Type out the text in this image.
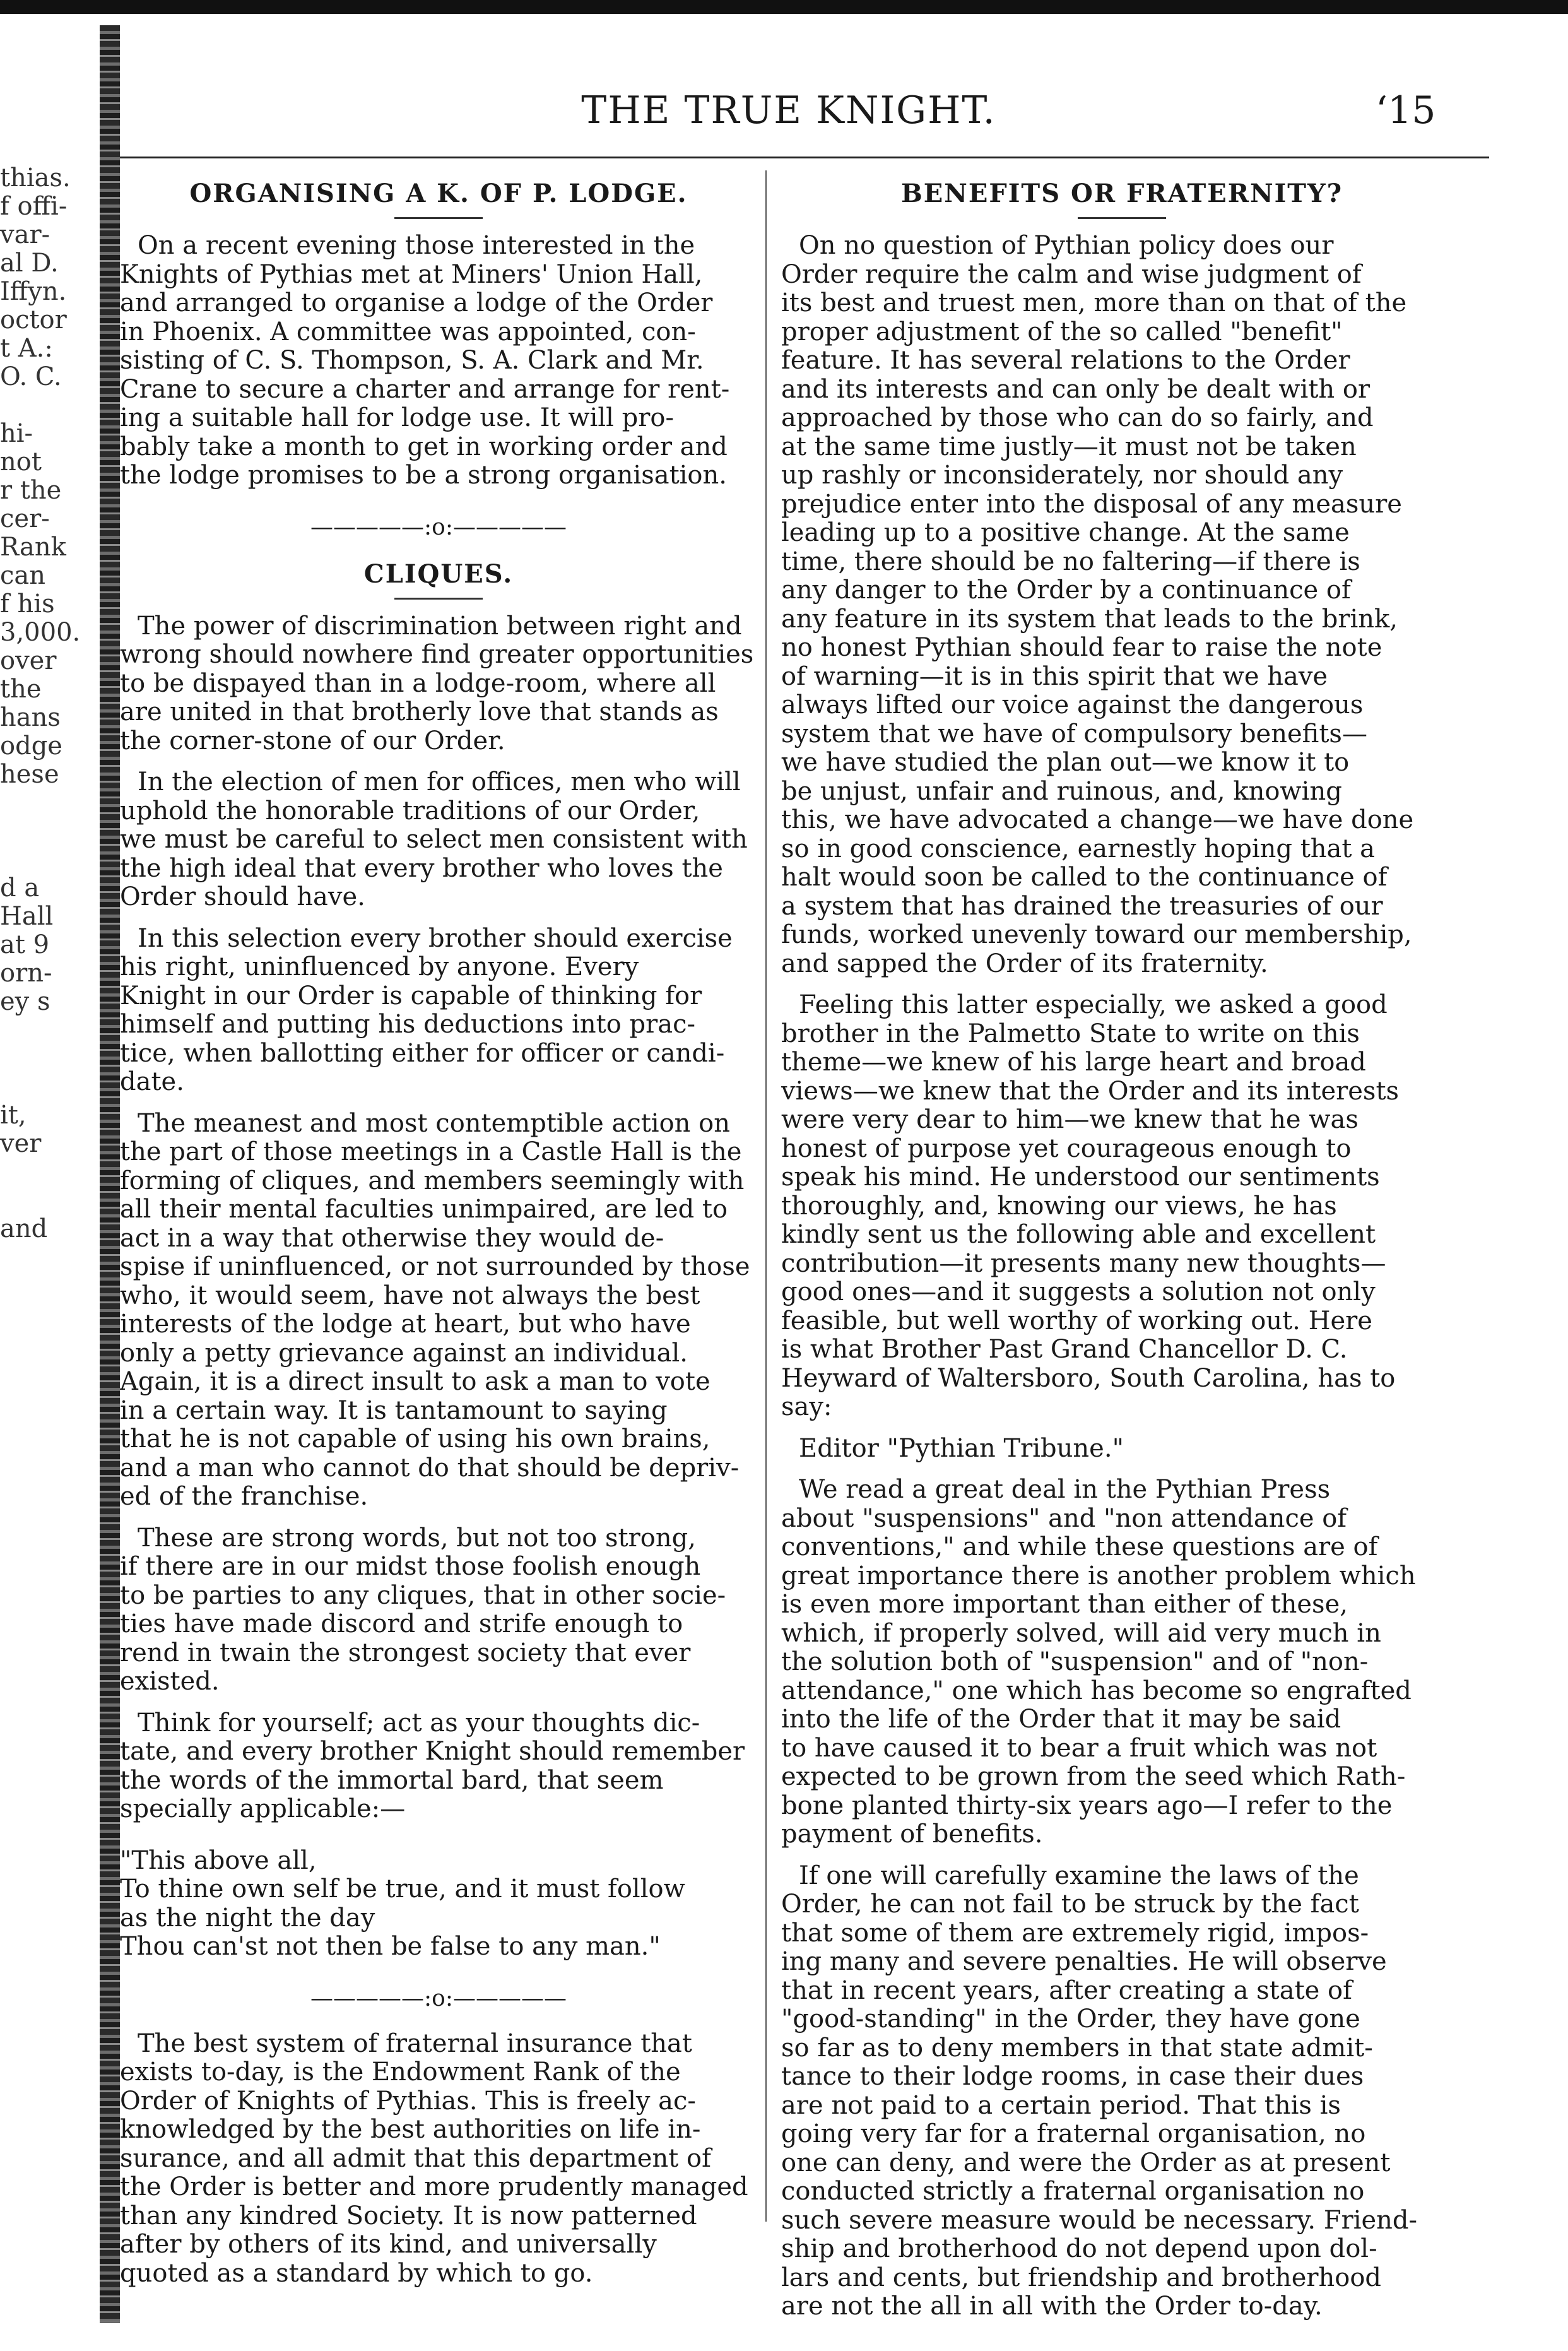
thias.
f offi-
var-
al D.
Iffyn.
octor
t A.:
O. C.
hi-
not
r the
cer-
Rank
can
f his
3,000.
over
the
hans
odge
hese
d a
Hall
at 9
orn-
ey s
it,
ver
and
THE TRUE KNIGHT.	‘15
ORGANISING A K. OF P. LODGE.
On a recent evening those interested in the
Knights of Pythias met at Miners' Union Hall,
and arranged to organise a lodge of the Order
in Phoenix. A committee was appointed, con-
sisting of C. S. Thompson, S. A. Clark and Mr.
Crane to secure a charter and arrange for rent-
ing a suitable hall for lodge use. It will pro-
bably take a month to get in working order and
the lodge promises to be a strong organisation.
—————:o:—————
CLIQUES.
The power of discrimination between right and
wrong should nowhere find greater opportunities
to be dispayed than in a lodge-room, where all
are united in that brotherly love that stands as
the corner-stone of our Order.
In the election of men for offices, men who will
uphold the honorable traditions of our Order,
we must be careful to select men consistent with
the high ideal that every brother who loves the
Order should have.
In this selection every brother should exercise
his right, uninfluenced by anyone. Every
Knight in our Order is capable of thinking for
himself and putting his deductions into prac-
tice, when ballotting either for officer or candi-
date.
The meanest and most contemptible action on
the part of those meetings in a Castle Hall is the
forming of cliques, and members seemingly with
all their mental faculties unimpaired, are led to
act in a way that otherwise they would de-
spise if uninfluenced, or not surrounded by those
who, it would seem, have not always the best
interests of the lodge at heart, but who have
only a petty grievance against an individual.
Again, it is a direct insult to ask a man to vote
in a certain way. It is tantamount to saying
that he is not capable of using his own brains,
and a man who cannot do that should be depriv-
ed of the franchise.
These are strong words, but not too strong,
if there are in our midst those foolish enough
to be parties to any cliques, that in other socie-
ties have made discord and strife enough to
rend in twain the strongest society that ever
existed.
Think for yourself; act as your thoughts dic-
tate, and every brother Knight should remember
the words of the immortal bard, that seem
specially applicable:—
"This above all,
To thine own self be true, and it must follow
as the night the day
Thou can'st not then be false to any man."
—————:o:—————
The best system of fraternal insurance that
exists to-day, is the Endowment Rank of the
Order of Knights of Pythias. This is freely ac-
knowledged by the best authorities on life in-
surance, and all admit that this department of
the Order is better and more prudently managed
than any kindred Society. It is now patterned
after by others of its kind, and universally
quoted as a standard by which to go.
BENEFITS OR FRATERNITY?
On no question of Pythian policy does our
Order require the calm and wise judgment of
its best and truest men, more than on that of the
proper adjustment of the so called "benefit"
feature. It has several relations to the Order
and its interests and can only be dealt with or
approached by those who can do so fairly, and
at the same time justly—it must not be taken
up rashly or inconsiderately, nor should any
prejudice enter into the disposal of any measure
leading up to a positive change. At the same
time, there should be no faltering—if there is
any danger to the Order by a continuance of
any feature in its system that leads to the brink,
no honest Pythian should fear to raise the note
of warning—it is in this spirit that we have
always lifted our voice against the dangerous
system that we have of compulsory benefits—
we have studied the plan out—we know it to
be unjust, unfair and ruinous, and, knowing
this, we have advocated a change—we have done
so in good conscience, earnestly hoping that a
halt would soon be called to the continuance of
a system that has drained the treasuries of our
funds, worked unevenly toward our membership,
and sapped the Order of its fraternity.
Feeling this latter especially, we asked a good
brother in the Palmetto State to write on this
theme—we knew of his large heart and broad
views—we knew that the Order and its interests
were very dear to him—we knew that he was
honest of purpose yet courageous enough to
speak his mind. He understood our sentiments
thoroughly, and, knowing our views, he has
kindly sent us the following able and excellent
contribution—it presents many new thoughts—
good ones—and it suggests a solution not only
feasible, but well worthy of working out. Here
is what Brother Past Grand Chancellor D. C.
Heyward of Waltersboro, South Carolina, has to
say:
Editor "Pythian Tribune."
We read a great deal in the Pythian Press
about "suspensions" and "non attendance of
conventions," and while these questions are of
great importance there is another problem which
is even more important than either of these,
which, if properly solved, will aid very much in
the solution both of "suspension" and of "non-
attendance," one which has become so engrafted
into the life of the Order that it may be said
to have caused it to bear a fruit which was not
expected to be grown from the seed which Rath-
bone planted thirty-six years ago—I refer to the
payment of benefits.
If one will carefully examine the laws of the
Order, he can not fail to be struck by the fact
that some of them are extremely rigid, impos-
ing many and severe penalties. He will observe
that in recent years, after creating a state of
"good-standing" in the Order, they have gone
so far as to deny members in that state admit-
tance to their lodge rooms, in case their dues
are not paid to a certain period. That this is
going very far for a fraternal organisation, no
one can deny, and were the Order as at present
conducted strictly a fraternal organisation no
such severe measure would be necessary. Friend-
ship and brotherhood do not depend upon dol-
lars and cents, but friendship and brotherhood
are not the all in all with the Order to-day.
